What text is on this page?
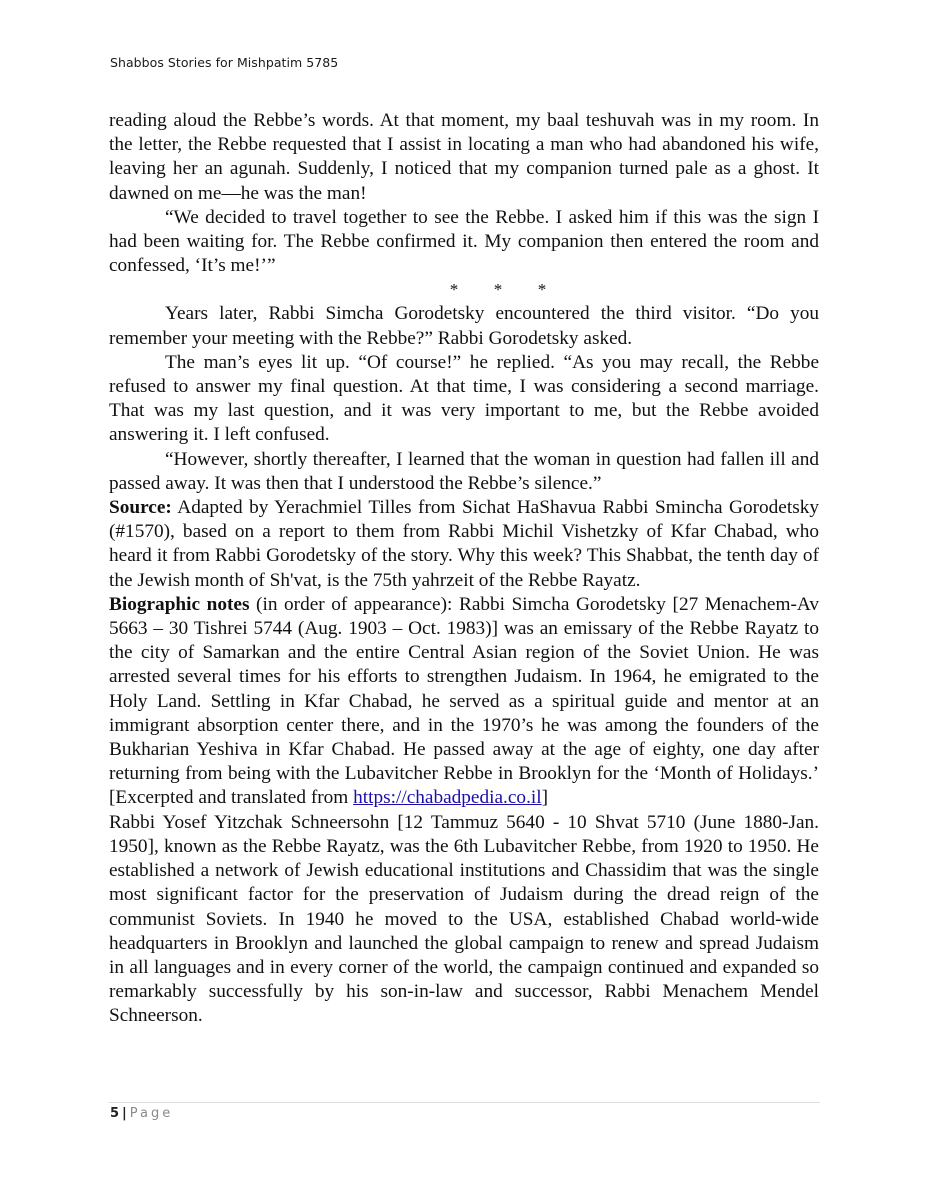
Shabbos Stories for Mishpatim 5785

reading aloud the Rebbe’s words. At that moment, my baal teshuvah was in my room. In the letter, the Rebbe requested that I assist in locating a man who had abandoned his wife, leaving her an agunah. Suddenly, I noticed that my companion turned pale as a ghost. It dawned on me—he was the man!

“We decided to travel together to see the Rebbe. I asked him if this was the sign I had been waiting for. The Rebbe confirmed it. My companion then entered the room and confessed, ‘It’s me!’”

* * *

Years later, Rabbi Simcha Gorodetsky encountered the third visitor. “Do you remember your meeting with the Rebbe?” Rabbi Gorodetsky asked.

The man’s eyes lit up. “Of course!” he replied. “As you may recall, the Rebbe refused to answer my final question. At that time, I was considering a second marriage. That was my last question, and it was very important to me, but the Rebbe avoided answering it. I left confused.

“However, shortly thereafter, I learned that the woman in question had fallen ill and passed away. It was then that I understood the Rebbe’s silence.”

Source: Adapted by Yerachmiel Tilles from Sichat HaShavua Rabbi Smincha Gorodetsky (#1570), based on a report to them from Rabbi Michil Vishetzky of Kfar Chabad, who heard it from Rabbi Gorodetsky of the story. Why this week? This Shabbat, the tenth day of the Jewish month of Sh'vat, is the 75th yahrzeit of the Rebbe Rayatz.

Biographic notes (in order of appearance): Rabbi Simcha Gorodetsky [27 Menachem-Av 5663 – 30 Tishrei 5744 (Aug. 1903 – Oct. 1983)] was an emissary of the Rebbe Rayatz to the city of Samarkan and the entire Central Asian region of the Soviet Union. He was arrested several times for his efforts to strengthen Judaism. In 1964, he emigrated to the Holy Land. Settling in Kfar Chabad, he served as a spiritual guide and mentor at an immigrant absorption center there, and in the 1970’s he was among the founders of the Bukharian Yeshiva in Kfar Chabad. He passed away at the age of eighty, one day after returning from being with the Lubavitcher Rebbe in Brooklyn for the ‘Month of Holidays.’ [Excerpted and translated from https://chabadpedia.co.il]

Rabbi Yosef Yitzchak Schneersohn [12 Tammuz 5640 - 10 Shvat 5710 (June 1880-Jan. 1950], known as the Rebbe Rayatz, was the 6th Lubavitcher Rebbe, from 1920 to 1950. He established a network of Jewish educational institutions and Chassidim that was the single most significant factor for the preservation of Judaism during the dread reign of the communist Soviets. In 1940 he moved to the USA, established Chabad world-wide headquarters in Brooklyn and launched the global campaign to renew and spread Judaism in all languages and in every corner of the world, the campaign continued and expanded so remarkably successfully by his son-in-law and successor, Rabbi Menachem Mendel Schneerson.

5 | Page
